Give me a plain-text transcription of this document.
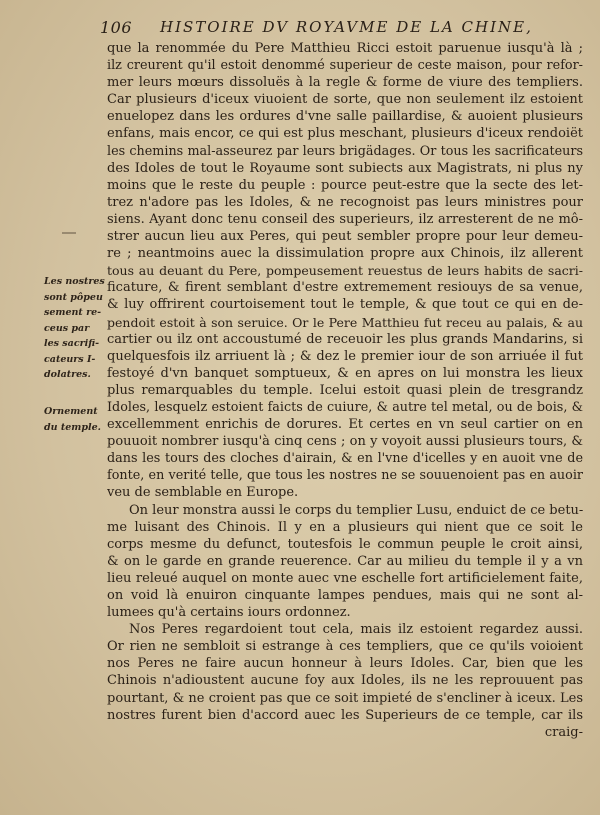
106 HISTOIRE DV ROYAVME DE LA CHINE,
Les nostres
sont pôpeu
sement re-
ceus par
les sacrifi-
cateurs I-
dolatres.
Ornement
du temple.
que la renommée du Pere Matthieu Ricci estoit paruenue iusqu'à là ;
ilz creurent qu'il estoit denommé superieur de ceste maison, pour refor-
mer leurs mœurs dissoluës à la regle & forme de viure des templiers.
Car plusieurs d'iceux viuoient de sorte, que non seulement ilz estoient
enuelopez dans les ordures d'vne salle paillardise, & auoient plusieurs
enfans, mais encor, ce qui est plus meschant, plusieurs d'iceux rendoiët
les chemins mal-asseurez par leurs brigädages. Or tous les sacrificateurs
des Idoles de tout le Royaume sont subiects aux Magistrats, ni plus ny
moins que le reste du peuple : pource peut-estre que la secte des let-
trez n'adore pas les Idoles, & ne recognoist pas leurs ministres pour
siens. Ayant donc tenu conseil des superieurs, ilz arresterent de ne mô-
strer aucun lieu aux Peres, qui peut sembler propre pour leur demeu-
re ; neantmoins auec la dissimulation propre aux Chinois, ilz allerent
tous au deuant du Pere, pompeusement reuestus de leurs habits de sacri-
ficature, & firent semblant d'estre extremement resiouys de sa venue,
& luy offrirent courtoisement tout le temple, & que tout ce qui en de-
pendoit estoit à son seruice. Or le Pere Matthieu fut receu au palais, & au
cartier ou ilz ont accoustumé de receuoir les plus grands Mandarins, si
quelquesfois ilz arriuent là ; & dez le premier iour de son arriuée il fut
festoyé d'vn banquet somptueux, & en apres on lui monstra les lieux
plus remarquables du temple. Icelui estoit quasi plein de tresgrandz
Idoles, lesquelz estoient faicts de cuiure, & autre tel metal, ou de bois, &
excellemment enrichis de dorures. Et certes en vn seul cartier on en
pouuoit nombrer iusqu'à cinq cens ; on y voyoit aussi plusieurs tours, &
dans les tours des cloches d'airain, & en l'vne d'icelles y en auoit vne de
fonte, en verité telle, que tous les nostres ne se souuenoient pas en auoir
veu de semblable en Europe.
On leur monstra aussi le corps du templier Lusu, enduict de ce betu-
me luisant des Chinois. Il y en a plusieurs qui nient que ce soit le
corps mesme du defunct, toutesfois le commun peuple le croit ainsi,
& on le garde en grande reuerence. Car au milieu du temple il y a vn
lieu releué auquel on monte auec vne eschelle fort artificielement faite,
on void là enuiron cinquante lampes pendues, mais qui ne sont al-
lumees qu'à certains iours ordonnez.
Nos Peres regardoient tout cela, mais ilz estoient regardez aussi.
Or rien ne sembloit si estrange à ces templiers, que ce qu'ils voioient
nos Peres ne faire aucun honneur à leurs Idoles. Car, bien que les
Chinois n'adioustent aucune foy aux Idoles, ils ne les reprouuent pas
pourtant, & ne croient pas que ce soit impieté de s'encliner à iceux. Les
nostres furent bien d'accord auec les Superieurs de ce temple, car ils
craig-
